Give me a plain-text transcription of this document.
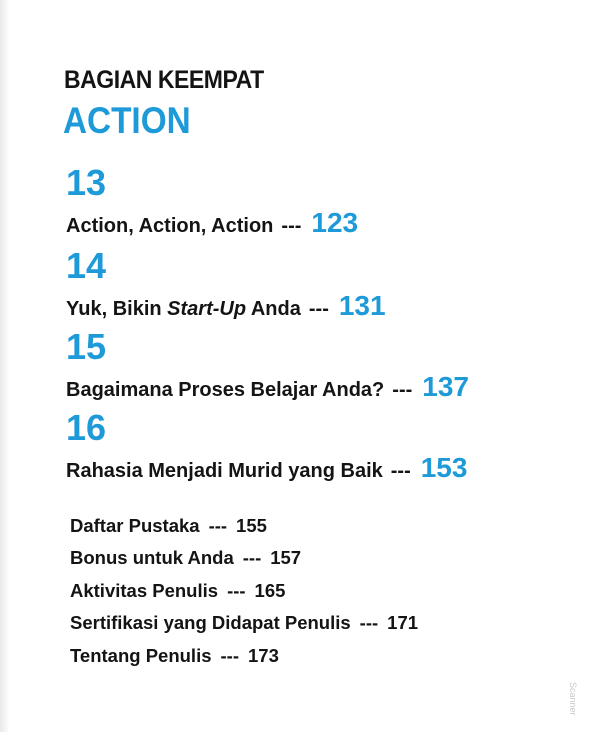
BAGIAN KEEMPAT
ACTION
13
Action, Action, Action --- 123
14
Yuk, Bikin Start-Up Anda --- 131
15
Bagaimana Proses Belajar Anda? --- 137
16
Rahasia Menjadi Murid yang Baik --- 153
Daftar Pustaka --- 155
Bonus untuk Anda --- 157
Aktivitas Penulis --- 165
Sertifikasi yang Didapat Penulis --- 171
Tentang Penulis --- 173
Scanner
